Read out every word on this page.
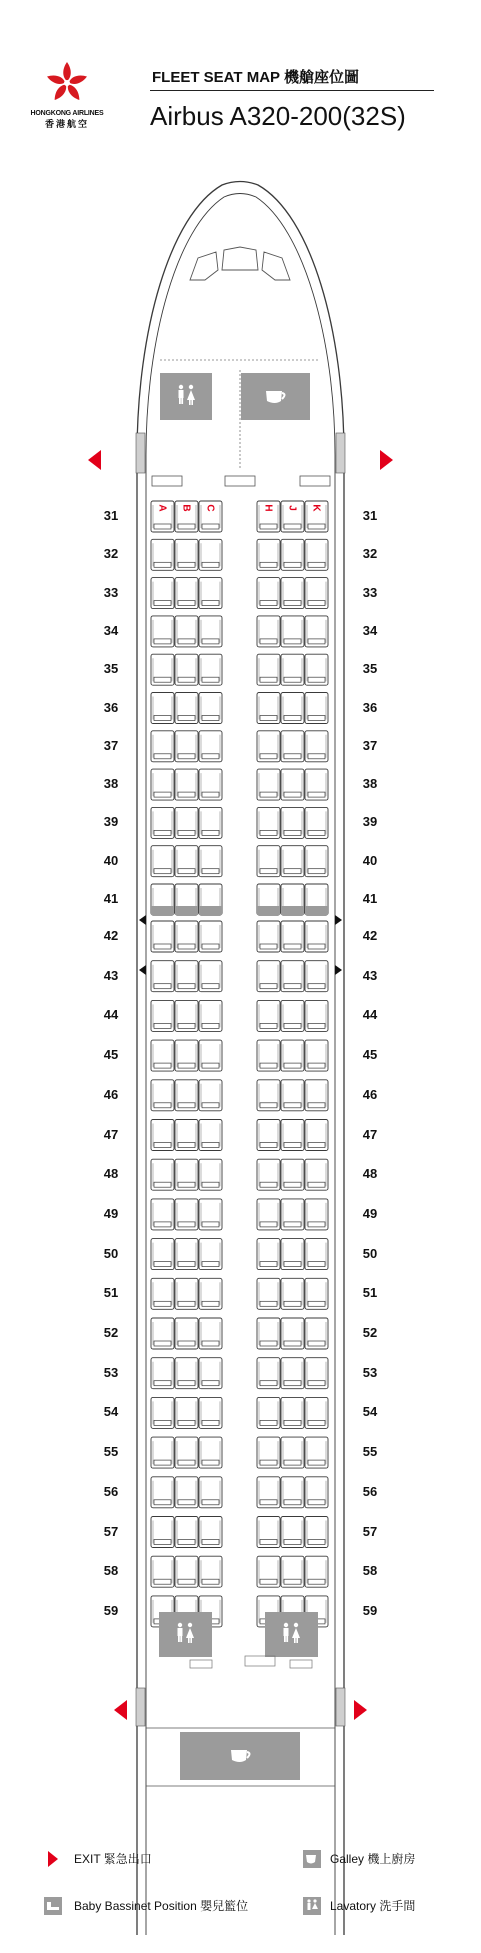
HONGKONG AIRLINES
香港航空
FLEET SEAT MAP 機艙座位圖
Airbus A320-200(32S)
A B C	H J K
31	31
32	32
33	33
34	34
35	35
36	36
37	37
38	38
39	39
40	40
41	41
42	42
43	43
44	44
45	45
46	46
47	47
48	48
49	49
50	50
51	51
52	52
53	53
54	54
55	55
56	56
57	57
58	58
59	59
EXIT 緊急出口	Galley 機上廚房
Baby Bassinet Position 嬰兒籃位	Lavatory 洗手間
